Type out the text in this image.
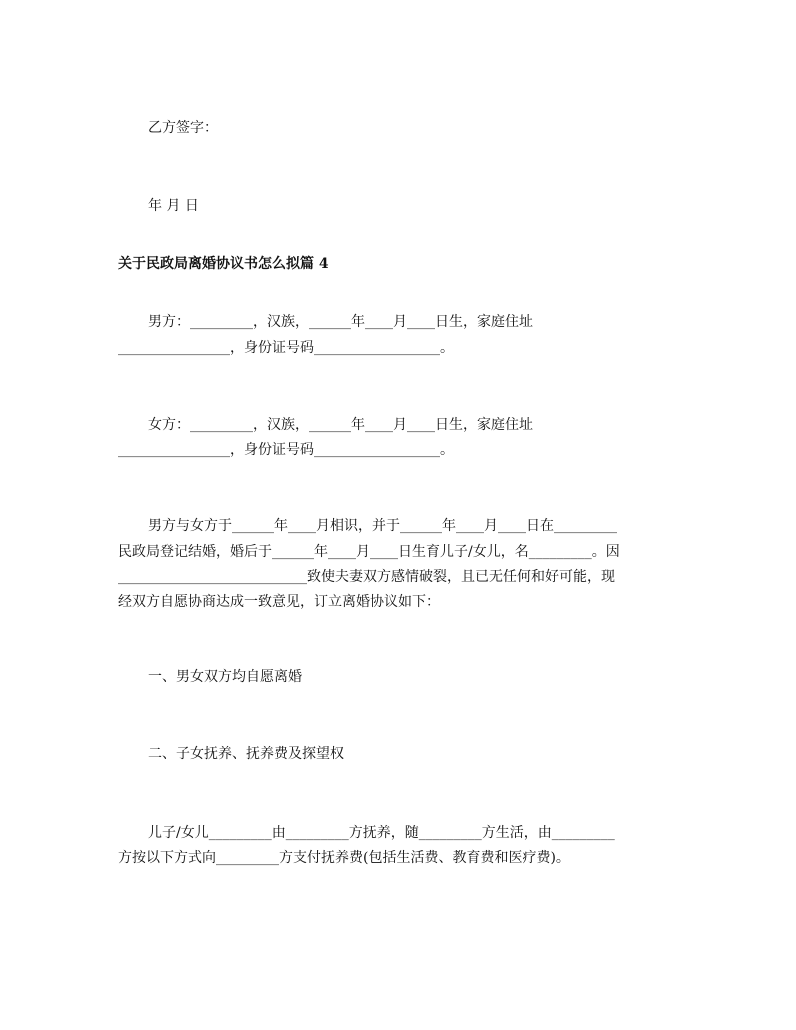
乙方签字：
年 月 日
关于民政局离婚协议书怎么拟篇 4
男方：_________，汉族，______年____月____日生，家庭住址
________________，身份证号码__________________。
女方：_________，汉族，______年____月____日生，家庭住址
________________，身份证号码__________________。
男方与女方于______年____月相识，并于______年____月____日在_________
民政局登记结婚，婚后于______年____月____日生育儿子/女儿，名_________。因
___________________________致使夫妻双方感情破裂，且已无任何和好可能，现
经双方自愿协商达成一致意见，订立离婚协议如下：
一、男女双方均自愿离婚
二、子女抚养、抚养费及探望权
儿子/女儿_________由_________方抚养，随_________方生活，由_________
方按以下方式向_________方支付抚养费(包括生活费、教育费和医疗费)。
